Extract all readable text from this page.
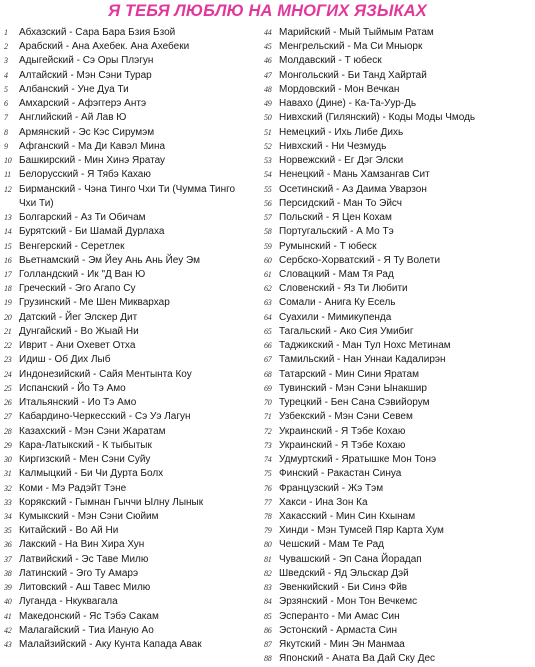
Я ТЕБЯ ЛЮБЛЮ НА МНОГИХ ЯЗЫКАХ
1	Абхазский - Сара Бара Бзия Бзой
2	Арабский - Ана Ахебек. Ана Ахебеки
3	Адыгейский - Сэ Оры Плэгун
4	Алтайский - Мэн Сэни Турар
5	Албанский - Уне Дуа Ти
6	Амхарский - Афэггерэ Антэ
7	Английский - Ай Лав Ю
8	Армянский - Эс Кэс Сирумэм
9	Афганский - Ма Ди Кавэл Мина
10 Башкирский - Мин Хинэ Яратау
11 Белорусский - Я Тябэ Кахаю
12 Бирманский - Чэна Тинго Чхи Ти (Чумма Тинго Чхи Ти)
13 Болгарский - Аз Ти Обичам
14 Бурятский - Би Шамай Дурлаха
15 Венгерский - Серетлек
16 Вьетнамский - Эм Йеу Ань Ань Йеу Эм
17 Голландский - Ик "Д Ван Ю
18 Греческий - Эго Агапо Су
19 Грузинский - Ме Шен Миквархар
20 Датский - Йег Элскер Дит
21 Дунгайский - Во Жыай Ни
22 Иврит - Ани Охевет Отха
23 Идиш - Об Дих Лыб
24 Индонезийский - Сайя Ментынта Коу
25 Испанский - Йо Тэ Амо
26 Итальянский - Ио Тэ Амо
27 Кабардино-Черкесский - Сэ Уэ Лагун
28 Казахский - Мэн Сэни Жаратам
29 Кара-Латыкский - К тыбытык
30 Киргизский - Мен Сэни Суйу
31 Калмыцкий - Би Чи Дурта Болх
32 Коми - Мэ Радэйт Тэне
33 Корякский - Гымнан Гыччи Ылну Лынык
34 Кумыкский - Мэн Сэни Сюйим
35 Китайский - Во Ай Ни
36 Лакский - На Вин Хира Хун
37 Латвийский - Эс Таве Милю
38 Латинский - Эго Ту Амарэ
39 Литовский - Аш Тавес Милю
40 Луганда - Нкуквагала
41 Македонский - Яс Тэбэ Сакам
42 Малагайский - Тиа Ианую Ао
43 Малайзийский - Аку Кунта Капада Авак
44 Марийский - Мый Тыймым Ратам
45 Менгрельский - Ма Си Мныорк
46 Молдавский - Т юбеск
47 Монгольский - Би Танд Хайртай
48 Мордовский - Мон Вечкан
49 Навахо (Дине) - Ка-Та-Уур-Дь
50 Нивхский (Гилянский) - Коды Моды Чмодь
51 Немецкий - Ихь Либе Дихь
52 Нивхский - Ни Чезмудь
53 Норвежский - Eг Дэг Элски
54 Ненецкий - Мань Хамзангав Сит
55 Осетинский - Аз Даима Уварзон
56 Персидский - Ман То Эйсч
57 Польский - Я Цен Кохам
58 Португальский - А Мо Тэ
59 Румынский - Т юбеск
60 Сербско-Хорватский - Я Ту Волети
61 Словацкий - Мам Тя Рад
62 Словенский - Яз Ти Любити
63 Сомали - Анига Ку Есель
64 Суахили - Мимикупенда
65 Тагальский - Ако Сия Умибиг
66 Таджикский - Ман Тул Нохс Метинам
67 Тамильский - Нан Уннаи Кадалирэн
68 Татарский - Мин Сини Яратам
69 Тувинский - Мэн Сэни Ынакшир
70 Турецкий - Бен Сана Сэвийорум
71 Узбекский - Мэн Сэни Севем
72 Украинский - Я Тэбе Кохаю
73 Украинский - Я Тэбе Кохаю
74 Удмуртский - Яратышке Мон Тонэ
75 Финский - Ракастан Синуа
76 Французский - Жэ Тэм
77 Хакси - Ина Зон Ка
78 Хакасский - Мин Син Кхынам
79 Хинди - Мэн Тумсей Пяр Карта Хум
80 Чешский - Мам Те Рад
81 Чувашский - Эп Сана Йорадап
82 Шведский - Яд Эльскар Дэй
83 Эвенкийский - Би Синэ Фйв
84 Эрзянский - Мон Тон Вечкемс
85 Эсперанто - Ми Амас Син
86 Эстонский - Армаста Син
87 Якутский - Мин Эн Манмаа
88 Японский - Аната Ва Дай Ску Дес
